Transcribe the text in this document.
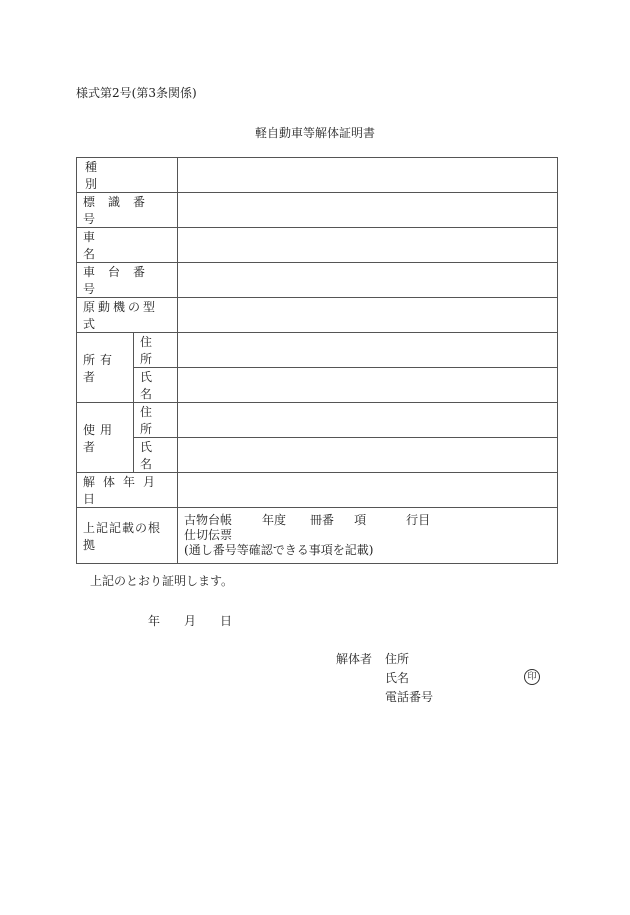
様式第2号(第3条関係)
軽自動車等解体証明書
種別		

標識番号		
車名		
車台番号		
原動機の型式		
所有者	住所	
	氏名	
使用者	住所	
	氏名	
解体年月日		
上記記載の根拠		古物台帳 年度 冊番 項 行目
仕切伝票
(通し番号等確認できる事項を記載)
上記のとおり証明します。
年 月 日
解体者 住所
氏名	印
電話番号
